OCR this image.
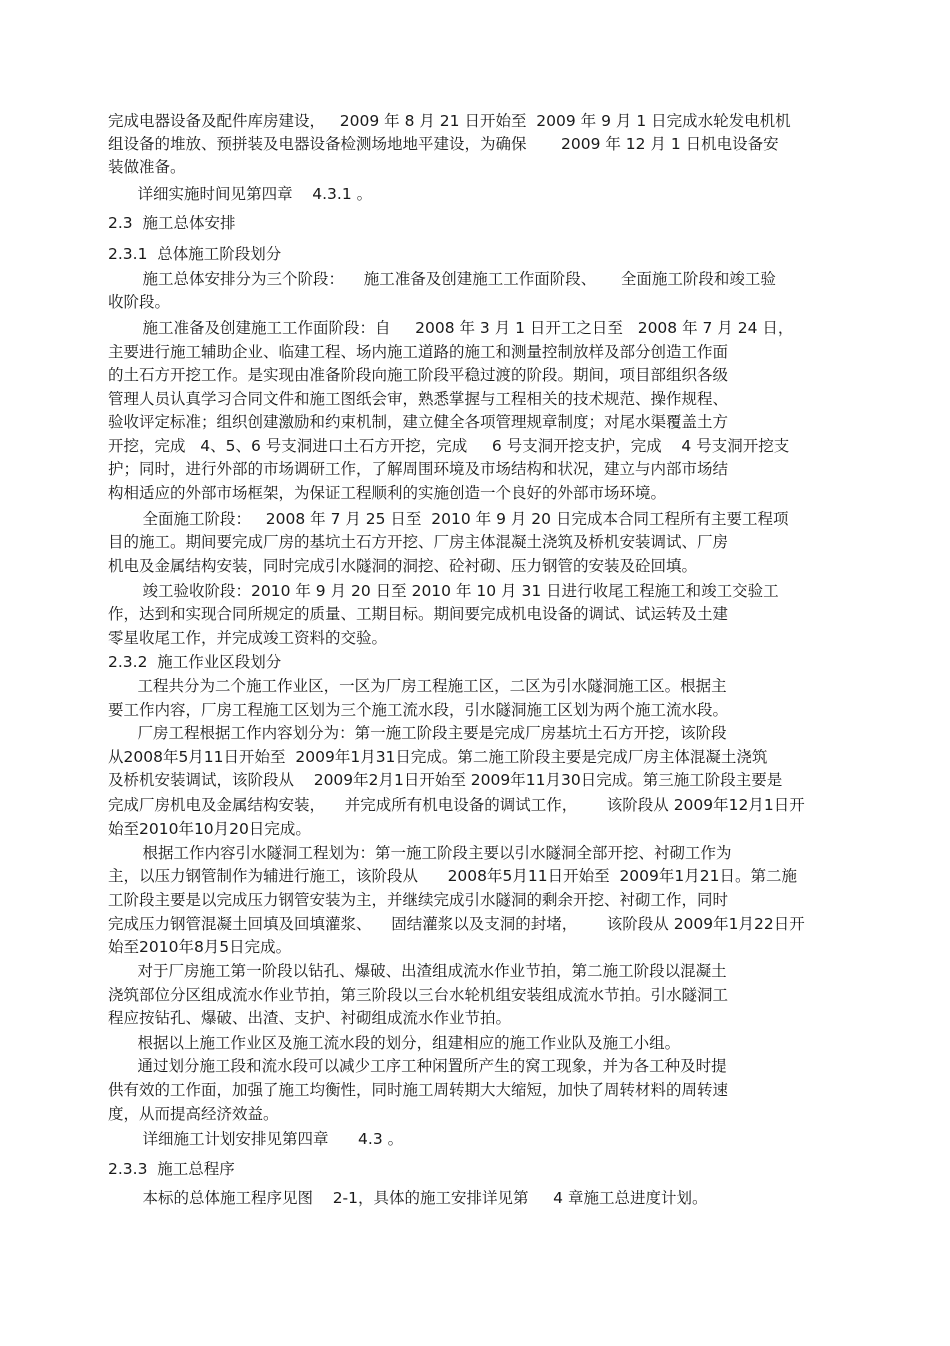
完成电器设备及配件库房建设，   2009 年 8 月 21 日开始至  2009 年 9 月 1 日完成水轮发电机机
组设备的堆放、预拼装及电器设备检测场地地平建设，为确保       2009 年 12 月 1 日机电设备安
装做准备。
详细实施时间见第四章    4.3.1 。
2.3  施工总体安排
2.3.1  总体施工阶段划分
施工总体安排分为三个阶段：    施工准备及创建施工工作面阶段、     全面施工阶段和竣工验
收阶段。
施工准备及创建施工工作面阶段：自     2008 年 3 月 1 日开工之日至   2008 年 7 月 24 日，
主要进行施工辅助企业、临建工程、场内施工道路的施工和测量控制放样及部分创造工作面
的土石方开挖工作。是实现由准备阶段向施工阶段平稳过渡的阶段。期间，项目部组织各级
管理人员认真学习合同文件和施工图纸会审，熟悉掌握与工程相关的技术规范、操作规程、
验收评定标准；组织创建激励和约束机制，建立健全各项管理规章制度；对尾水渠覆盖土方
开挖，完成   4、5、6 号支洞进口土石方开挖，完成     6 号支洞开挖支护，完成    4 号支洞开挖支
护；同时，进行外部的市场调研工作，了解周围环境及市场结构和状况，建立与内部市场结
构相适应的外部市场框架，为保证工程顺利的实施创造一个良好的外部市场环境。
全面施工阶段：   2008 年 7 月 25 日至  2010 年 9 月 20 日完成本合同工程所有主要工程项
目的施工。期间要完成厂房的基坑土石方开挖、厂房主体混凝土浇筑及桥机安装调试、厂房
机电及金属结构安装，同时完成引水隧洞的洞挖、砼衬砌、压力钢管的安装及砼回填。
竣工验收阶段：2010 年 9 月 20 日至 2010 年 10 月 31 日进行收尾工程施工和竣工交验工
作，达到和实现合同所规定的质量、工期目标。期间要完成机电设备的调试、试运转及土建
零星收尾工作，并完成竣工资料的交验。
2.3.2  施工作业区段划分
工程共分为二个施工作业区，一区为厂房工程施工区，二区为引水隧洞施工区。根据主
要工作内容，厂房工程施工区划为三个施工流水段，引水隧洞施工区划为两个施工流水段。
厂房工程根据工作内容划分为：第一施工阶段主要是完成厂房基坑土石方开挖，该阶段
从2008年5月11日开始至  2009年1月31日完成。第二施工阶段主要是完成厂房主体混凝土浇筑
及桥机安装调试，该阶段从    2009年2月1日开始至 2009年11月30日完成。第三施工阶段主要是
完成厂房机电及金属结构安装，    并完成所有机电设备的调试工作，      该阶段从 2009年12月1日开
始至2010年10月20日完成。
根据工作内容引水隧洞工程划为：第一施工阶段主要以引水隧洞全部开挖、衬砌工作为
主，以压力钢管制作为辅进行施工，该阶段从      2008年5月11日开始至  2009年1月21日。第二施
工阶段主要是以完成压力钢管安装为主，并继续完成引水隧洞的剩余开挖、衬砌工作，同时
完成压力钢管混凝土回填及回填灌浆、    固结灌浆以及支洞的封堵，      该阶段从 2009年1月22日开
始至2010年8月5日完成。
对于厂房施工第一阶段以钻孔、爆破、出渣组成流水作业节拍，第二施工阶段以混凝土
浇筑部位分区组成流水作业节拍，第三阶段以三台水轮机组安装组成流水节拍。引水隧洞工
程应按钻孔、爆破、出渣、支护、衬砌组成流水作业节拍。
根据以上施工作业区及施工流水段的划分，组建相应的施工作业队及施工小组。
通过划分施工段和流水段可以减少工序工种闲置所产生的窝工现象，并为各工种及时提
供有效的工作面，加强了施工均衡性，同时施工周转期大大缩短，加快了周转材料的周转速
度，从而提高经济效益。
详细施工计划安排见第四章      4.3 。
2.3.3  施工总程序
本标的总体施工程序见图    2-1，具体的施工安排详见第     4 章施工总进度计划。
